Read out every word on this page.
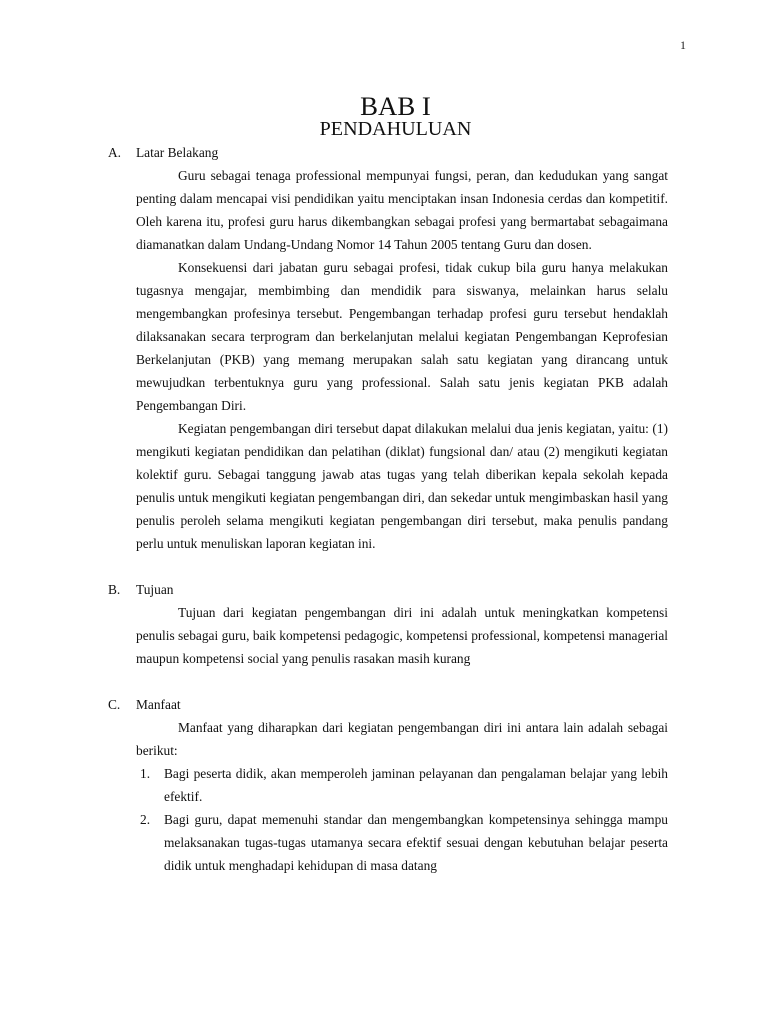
1
BAB I
PENDAHULUAN
A.	Latar Belakang

Guru sebagai tenaga professional mempunyai fungsi, peran, dan kedudukan yang sangat penting dalam mencapai visi pendidikan yaitu menciptakan insan Indonesia cerdas dan kompetitif. Oleh karena itu, profesi guru harus dikembangkan sebagai profesi yang bermartabat sebagaimana diamanatkan dalam Undang-Undang Nomor 14 Tahun 2005 tentang Guru dan dosen.

Konsekuensi dari jabatan guru sebagai profesi, tidak cukup bila guru hanya melakukan tugasnya mengajar, membimbing dan mendidik para siswanya, melainkan harus selalu mengembangkan profesinya tersebut. Pengembangan terhadap profesi guru tersebut hendaklah dilaksanakan secara terprogram dan berkelanjutan melalui kegiatan Pengembangan Keprofesian Berkelanjutan (PKB) yang memang merupakan salah satu kegiatan yang dirancang untuk mewujudkan terbentuknya guru yang professional. Salah satu jenis kegiatan PKB adalah Pengembangan Diri.

Kegiatan pengembangan diri tersebut dapat dilakukan melalui dua jenis kegiatan, yaitu: (1) mengikuti kegiatan pendidikan dan pelatihan (diklat) fungsional dan/ atau (2) mengikuti kegiatan kolektif guru. Sebagai tanggung jawab atas tugas yang telah diberikan kepala sekolah kepada penulis untuk mengikuti kegiatan pengembangan diri, dan sekedar untuk mengimbaskan hasil yang penulis peroleh selama mengikuti kegiatan pengembangan diri tersebut, maka penulis pandang perlu untuk menuliskan laporan kegiatan ini.

B.	Tujuan

Tujuan dari kegiatan pengembangan diri ini adalah untuk meningkatkan kompetensi penulis sebagai guru, baik kompetensi pedagogic, kompetensi professional, kompetensi managerial maupun kompetensi social yang penulis rasakan masih kurang

C.	Manfaat

Manfaat yang diharapkan dari kegiatan pengembangan diri ini antara lain adalah sebagai berikut:

1.	Bagi peserta didik, akan memperoleh jaminan pelayanan dan pengalaman belajar yang lebih efektif.
2.	Bagi guru, dapat memenuhi standar dan mengembangkan kompetensinya sehingga mampu melaksanakan tugas-tugas utamanya secara efektif sesuai dengan kebutuhan belajar peserta didik untuk menghadapi kehidupan di masa datang
